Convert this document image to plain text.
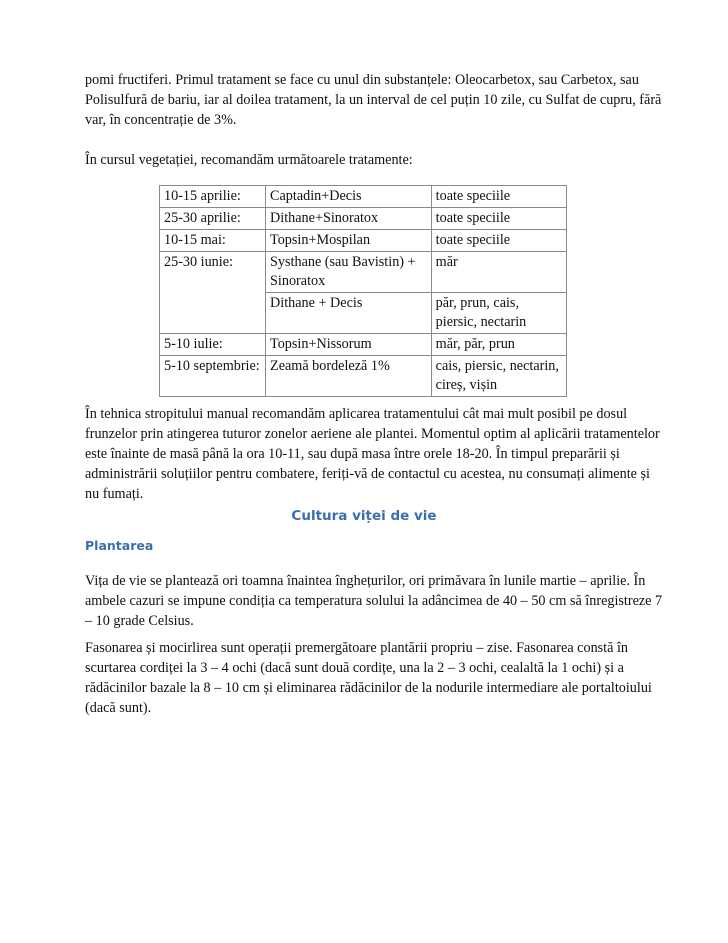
pomi fructiferi. Primul tratament se face cu unul din substanțele: Oleocarbetox, sau Carbetox, sau Polisulfură de bariu, iar al doilea tratament, la un interval de cel puțin 10 zile, cu Sulfat de cupru, fără var, în concentrație de 3%.

În cursul vegetației, recomandăm următoarele tratamente:

10-15 aprilie:	Captadin+Decis	toate speciile
25-30 aprilie:	Dithane+Sinoratox	toate speciile
10-15 mai:	Topsin+Mospilan	toate speciile
25-30 iunie:	Systhane (sau Bavistin) + Sinoratox	măr
	Dithane + Decis	păr, prun, cais, piersic, nectarin
5-10 iulie:	Topsin+Nissorum	măr, păr, prun
5-10 septembrie:	Zeamă bordeleză 1%	cais, piersic, nectarin, cireș, vișin

În tehnica stropitului manual recomandăm aplicarea tratamentului cât mai mult posibil pe dosul frunzelor prin atingerea tuturor zonelor aeriene ale plantei. Momentul optim al aplicării tratamentelor este înainte de masă până la ora 10-11, sau după masa între orele 18-20. În timpul preparării și administrării soluțiilor pentru combatere, feriți-vă de contactul cu acestea, nu consumați alimente și nu fumați.

Cultura viței de vie
Plantarea

Vița de vie se plantează ori toamna înaintea înghețurilor, ori primăvara în lunile martie – aprilie. În ambele cazuri se impune condiția ca temperatura solului la adâncimea de 40 – 50 cm să înregistreze 7 – 10 grade Celsius.

Fasonarea și mocirlirea sunt operații premergătoare plantării propriu – zise. Fasonarea constă în scurtarea cordiței la 3 – 4 ochi (dacă sunt două cordițe, una la 2 – 3 ochi, cealaltă la 1 ochi) și a rădăcinilor bazale la 8 – 10 cm și eliminarea rădăcinilor de la nodurile intermediare ale portaltoiului (dacă sunt).
